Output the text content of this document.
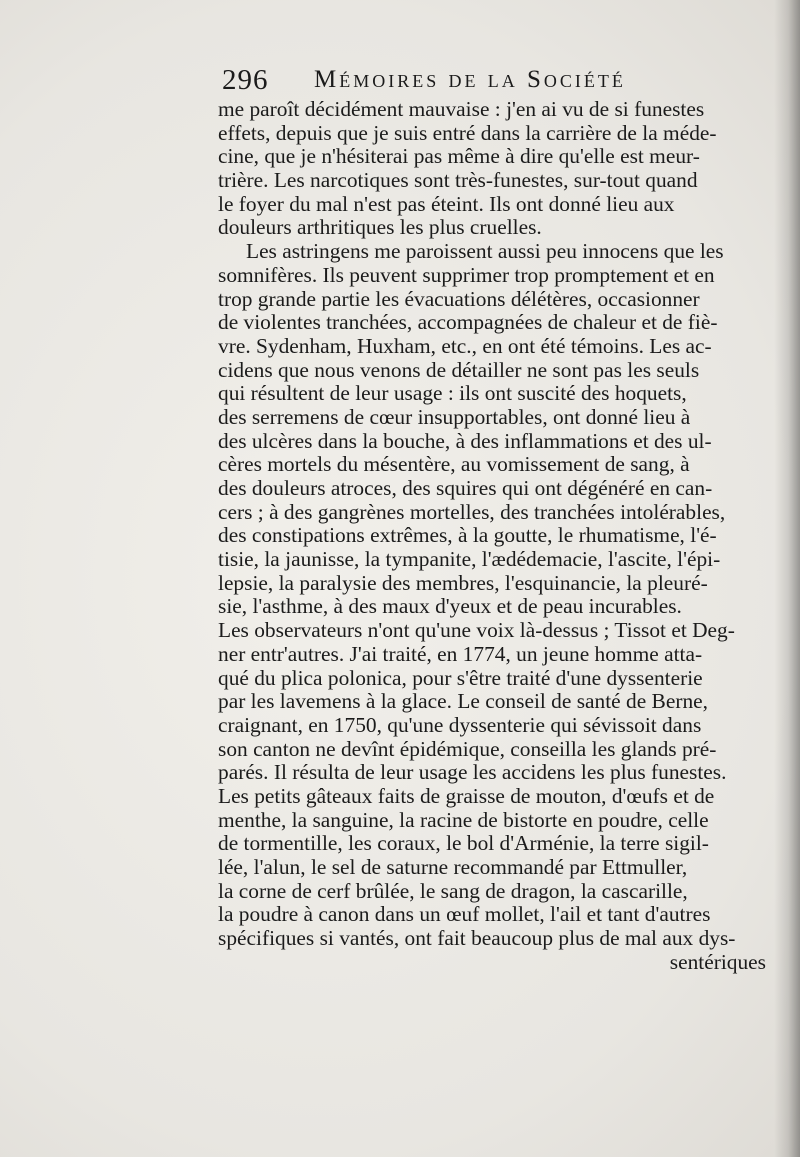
296 Mémoires de la Société
me paroît décidément mauvaise : j'en ai vu de si funestes
effets, depuis que je suis entré dans la carrière de la méde-
cine, que je n'hésiterai pas même à dire qu'elle est meur-
trière. Les narcotiques sont très-funestes, sur-tout quand
le foyer du mal n'est pas éteint. Ils ont donné lieu aux
douleurs arthritiques les plus cruelles.
Les astringens me paroissent aussi peu innocens que les
somnifères. Ils peuvent supprimer trop promptement et en
trop grande partie les évacuations délétères, occasionner
de violentes tranchées, accompagnées de chaleur et de fiè-
vre. Sydenham, Huxham, etc., en ont été témoins. Les ac-
cidens que nous venons de détailler ne sont pas les seuls
qui résultent de leur usage : ils ont suscité des hoquets,
des serremens de cœur insupportables, ont donné lieu à
des ulcères dans la bouche, à des inflammations et des ul-
cères mortels du mésentère, au vomissement de sang, à
des douleurs atroces, des squires qui ont dégénéré en can-
cers ; à des gangrènes mortelles, des tranchées intolérables,
des constipations extrêmes, à la goutte, le rhumatisme, l'é-
tisie, la jaunisse, la tympanite, l'ædédemacie, l'ascite, l'épi-
lepsie, la paralysie des membres, l'esquinancie, la pleuré-
sie, l'asthme, à des maux d'yeux et de peau incurables.
Les observateurs n'ont qu'une voix là-dessus ; Tissot et Deg-
ner entr'autres. J'ai traité, en 1774, un jeune homme atta-
qué du plica polonica, pour s'être traité d'une dyssenterie
par les lavemens à la glace. Le conseil de santé de Berne,
craignant, en 1750, qu'une dyssenterie qui sévissoit dans
son canton ne devînt épidémique, conseilla les glands pré-
parés. Il résulta de leur usage les accidens les plus funestes.
Les petits gâteaux faits de graisse de mouton, d'œufs et de
menthe, la sanguine, la racine de bistorte en poudre, celle
de tormentille, les coraux, le bol d'Arménie, la terre sigil-
lée, l'alun, le sel de saturne recommandé par Ettmuller,
la corne de cerf brûlée, le sang de dragon, la cascarille,
la poudre à canon dans un œuf mollet, l'ail et tant d'autres
spécifiques si vantés, ont fait beaucoup plus de mal aux dys-
sentériques
